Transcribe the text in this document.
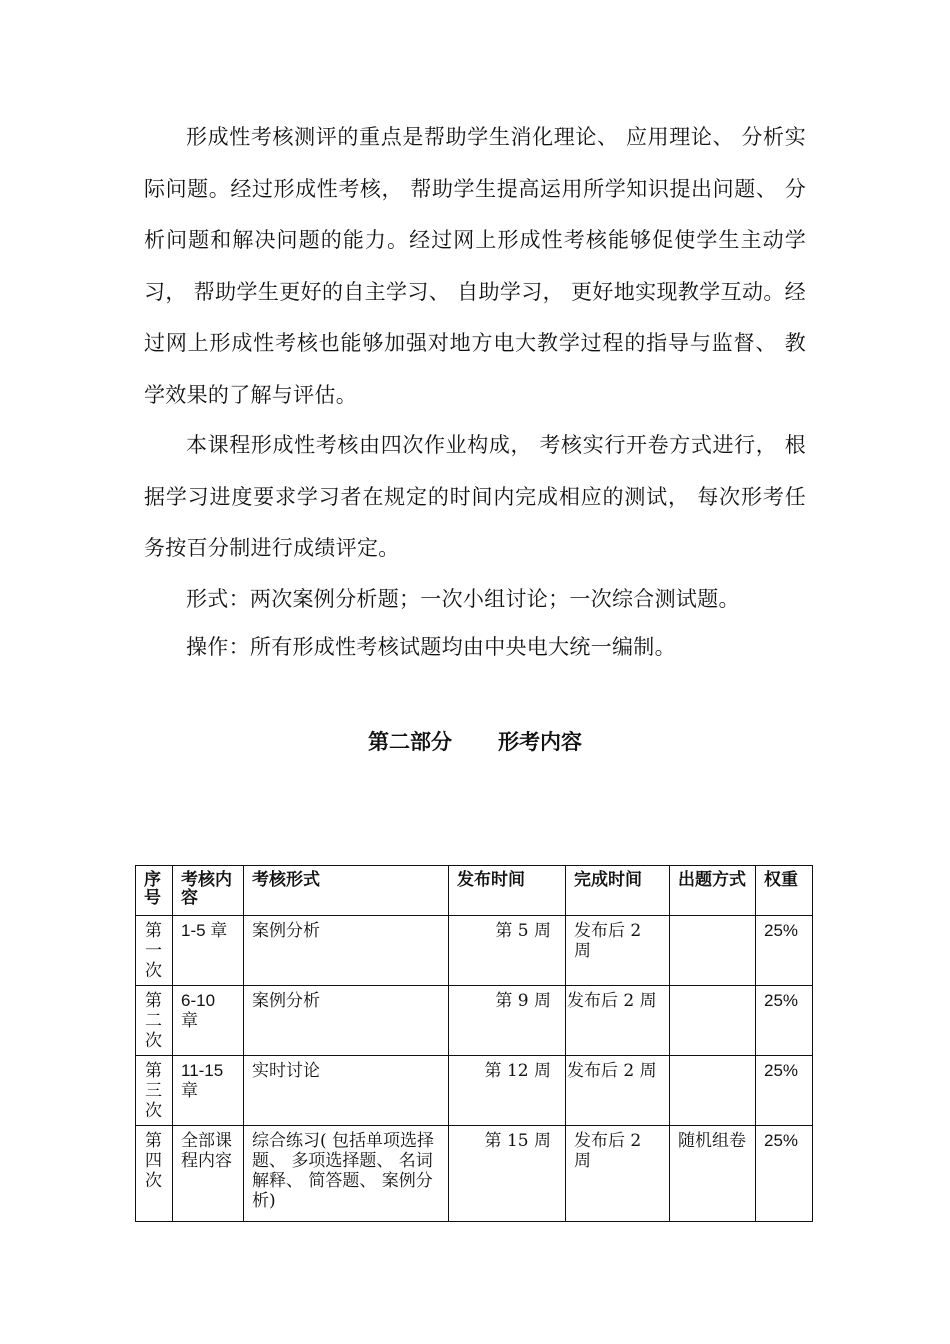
形成性考核测评的重点是帮助学生消化理论、 应用理论、 分析实际问题。经过形成性考核， 帮助学生提高运用所学知识提出问题、 分析问题和解决问题的能力。经过网上形成性考核能够促使学生主动学习， 帮助学生更好的自主学习、 自助学习， 更好地实现教学互动。经过网上形成性考核也能够加强对地方电大教学过程的指导与监督、 教学效果的了解与评估。

本课程形成性考核由四次作业构成， 考核实行开卷方式进行， 根据学习进度要求学习者在规定的时间内完成相应的测试， 每次形考任务按百分制进行成绩评定。

形式：两次案例分析题；一次小组讨论；一次综合测试题。

操作：所有形成性考核试题均由中央电大统一编制。

第二部分 形考内容
序号	考核内容	考核形式	发布时间	完成时间	出题方式	权重
第一次	1-5 章	案例分析	第 5 周	发布后 2 周		25%
第二次	6-10 章	案例分析	第 9 周	发布后 2 周		25%
第三次	11-15 章	实时讨论	第 12 周	发布后 2 周		25%
第四次	全部课程内容	综合练习( 包括单项选择题、 多项选择题、 名词解释、 简答题、 案例分析)	第 15 周	发布后 2 周	随机组卷	25%
